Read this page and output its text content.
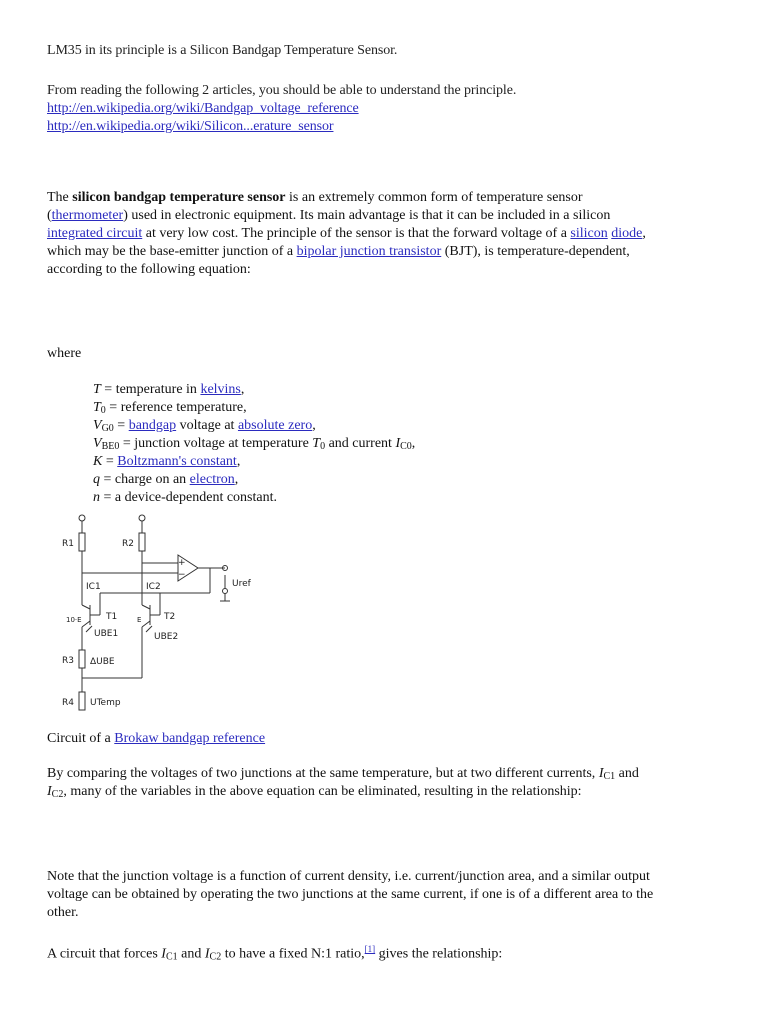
LM35 in its principle is a Silicon Bandgap Temperature Sensor.
From reading the following 2 articles, you should be able to understand the principle.
http://en.wikipedia.org/wiki/Bandgap_voltage_reference
http://en.wikipedia.org/wiki/Silicon...erature_sensor
The silicon bandgap temperature sensor is an extremely common form of temperature sensor
(thermometer) used in electronic equipment. Its main advantage is that it can be included in a silicon
integrated circuit at very low cost. The principle of the sensor is that the forward voltage of a silicon diode,
which may be the base-emitter junction of a bipolar junction transistor (BJT), is temperature-dependent,
according to the following equation:
where
T = temperature in kelvins,
$T_0$ = reference temperature,
$V_{G0}$ = bandgap voltage at absolute zero,
$V_{BE0}$ = junction voltage at temperature $T_0$ and current $I_{C0}$,
K = Boltzmann's constant,
q = charge on an electron,
n = a device-dependent constant.
+
−
R1	R2
R3
R4
T1	T2
10·E	E
IC1	IC2
UBE1	UBE2
ΔUBE
UTemp
Uref
Circuit of a Brokaw bandgap reference
By comparing the voltages of two junctions at the same temperature, but at two different currents, $I_{C1}$ and
$I_{C2}$, many of the variables in the above equation can be eliminated, resulting in the relationship:
Note that the junction voltage is a function of current density, i.e. current/junction area, and a similar output
voltage can be obtained by operating the two junctions at the same current, if one is of a different area to the
other.
A circuit that forces $I_{C1}$ and $I_{C2}$ to have a fixed N:1 ratio,[1] gives the relationship:
